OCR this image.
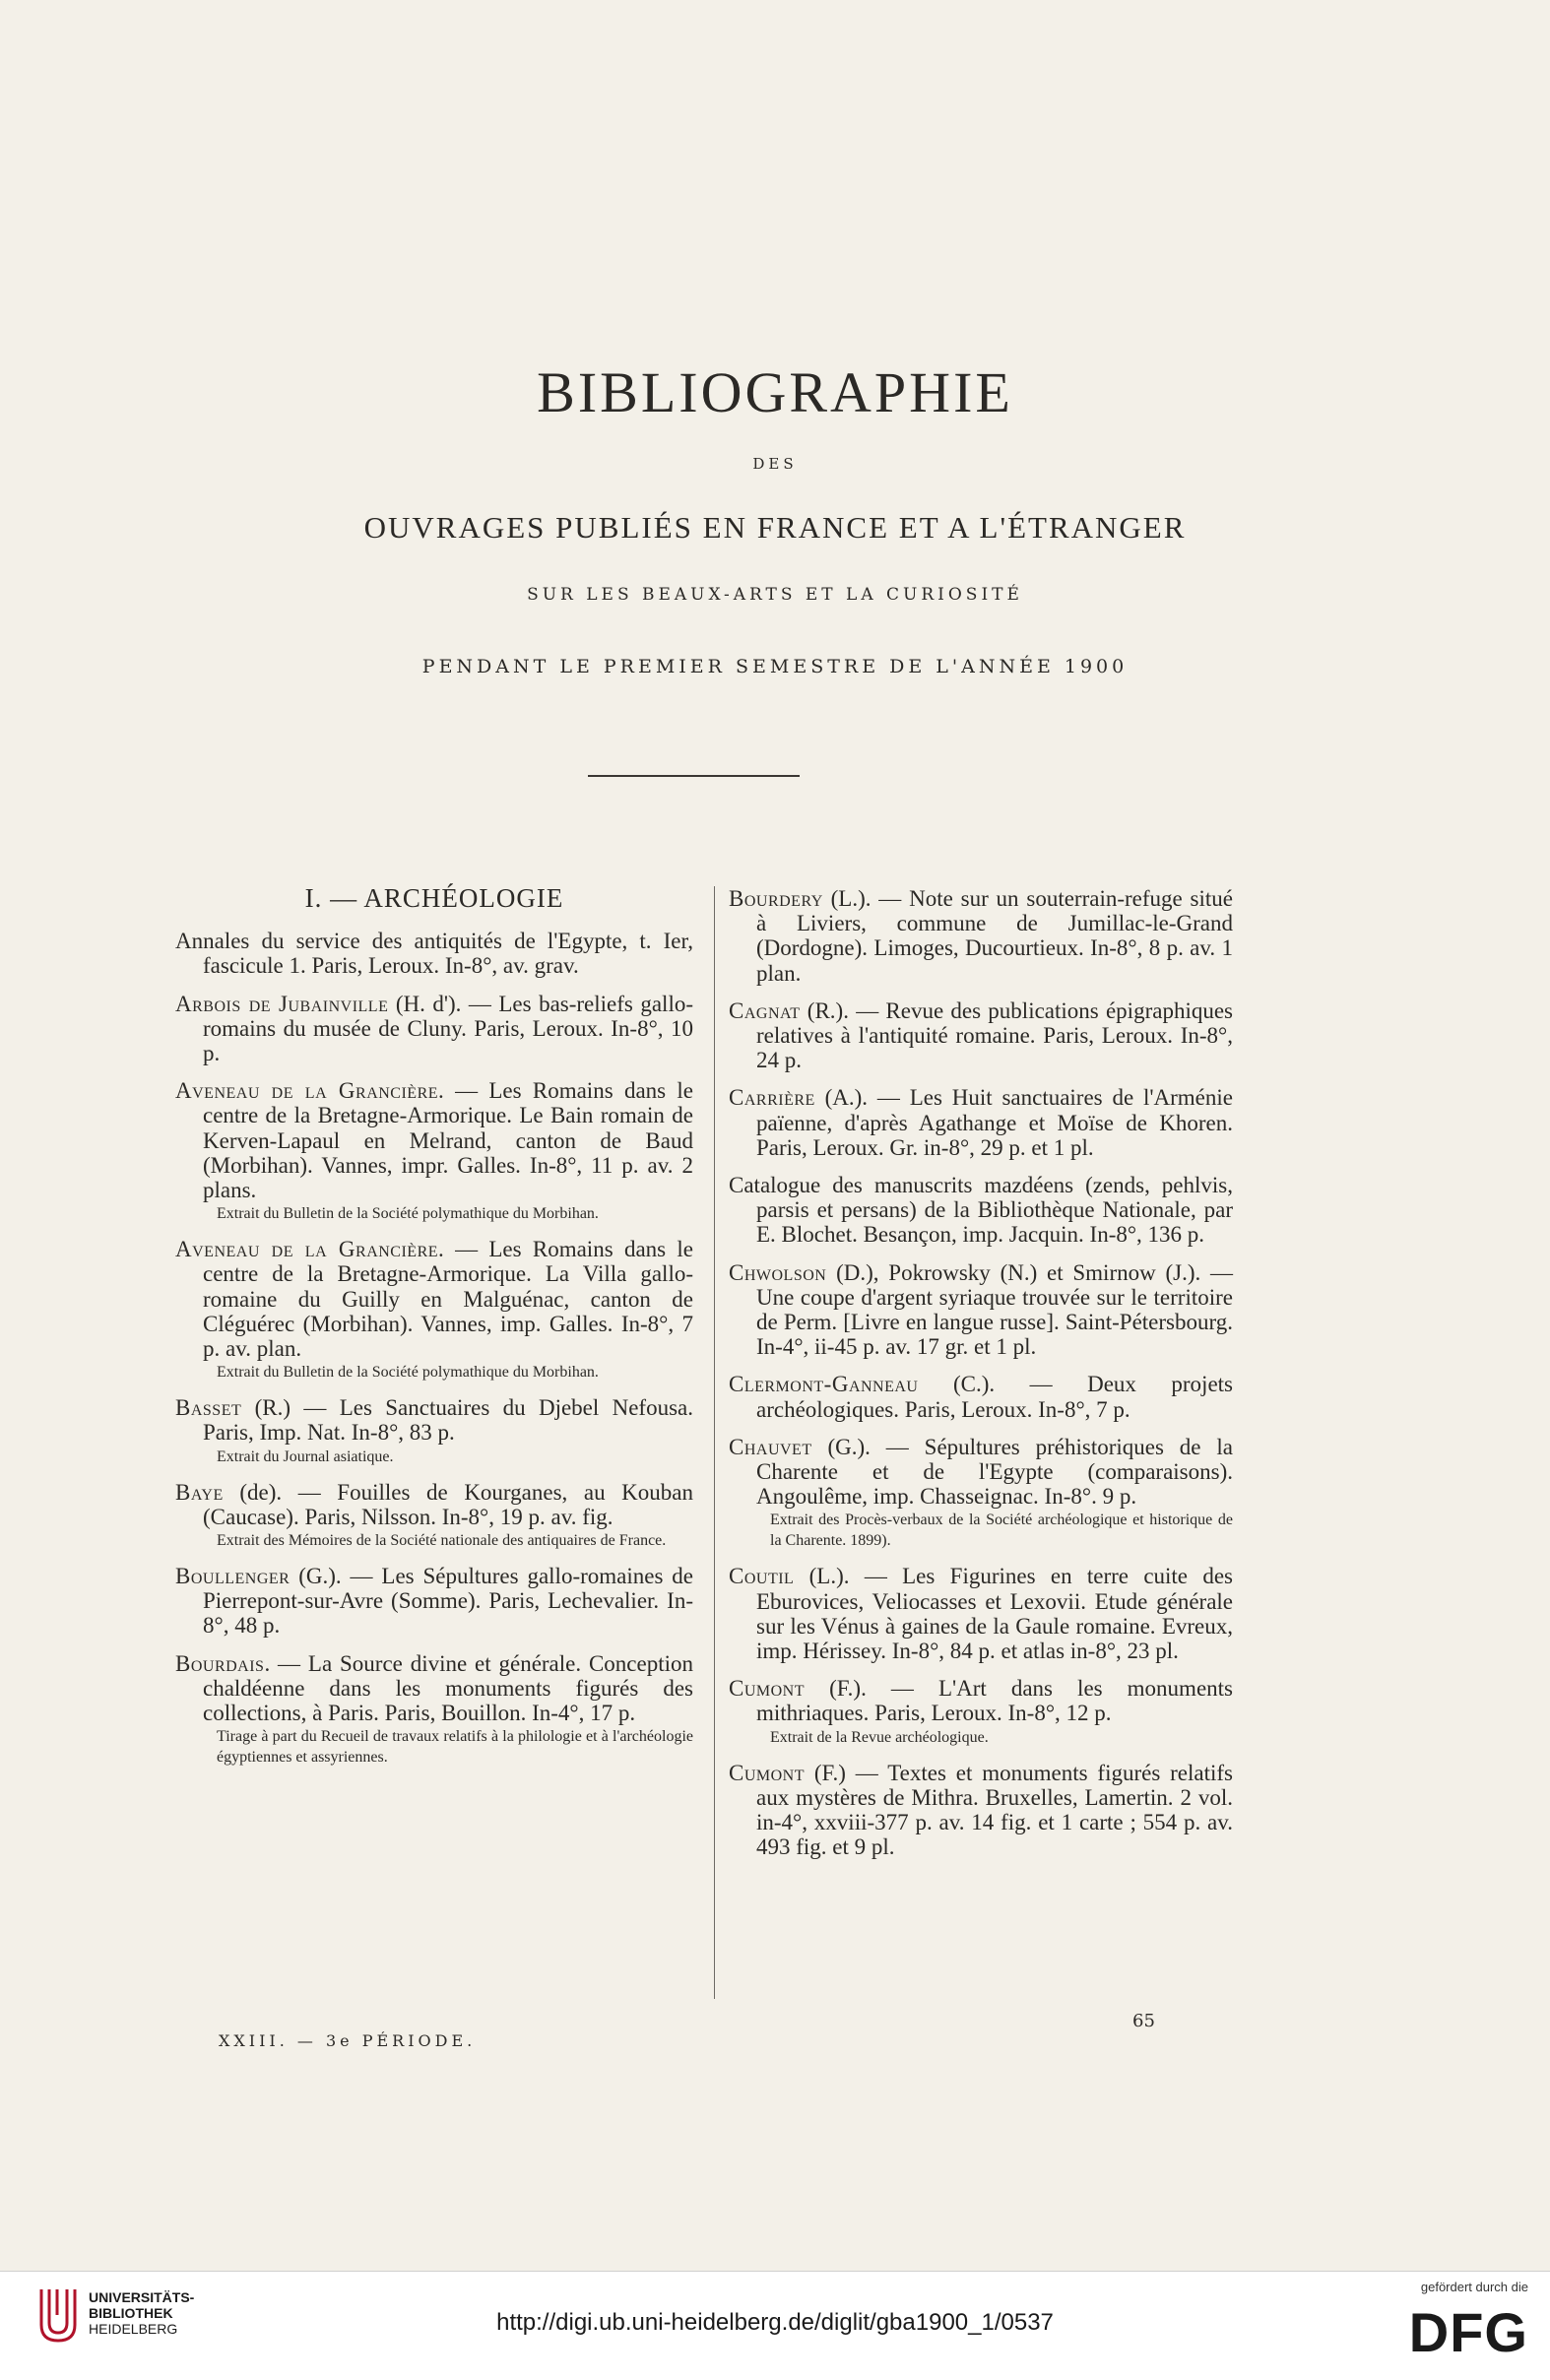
BIBLIOGRAPHIE
DES
OUVRAGES PUBLIÉS EN FRANCE ET A L'ÉTRANGER
SUR LES BEAUX-ARTS ET LA CURIOSITÉ
PENDANT LE PREMIER SEMESTRE DE L'ANNÉE 1900
I. — ARCHÉOLOGIE
Annales du service des antiquités de l'Egypte, t. Ier, fascicule 1. Paris, Leroux. In-8°, av. grav.
Arbois de Jubainville (H. d'). — Les bas-reliefs gallo-romains du musée de Cluny. Paris, Leroux. In-8°, 10 p.
Aveneau de la Grancière. — Les Romains dans le centre de la Bretagne-Armorique. Le Bain romain de Kerven-Lapaul en Melrand, canton de Baud (Morbihan). Vannes, impr. Galles. In-8°, 11 p. av. 2 plans.
Extrait du Bulletin de la Société polymathique du Morbihan.
Aveneau de la Grancière. — Les Romains dans le centre de la Bretagne-Armorique. La Villa gallo-romaine du Guilly en Malguénac, canton de Cléguérec (Morbihan). Vannes, imp. Galles. In-8°, 7 p. av. plan.
Extrait du Bulletin de la Société polymathique du Morbihan.
Basset (R.) — Les Sanctuaires du Djebel Nefousa. Paris, Imp. Nat. In-8°, 83 p.
Extrait du Journal asiatique.
Baye (de). — Fouilles de Kourganes, au Kouban (Caucase). Paris, Nilsson. In-8°, 19 p. av. fig.
Extrait des Mémoires de la Société nationale des antiquaires de France.
Boullenger (G.). — Les Sépultures gallo-romaines de Pierrepont-sur-Avre (Somme). Paris, Lechevalier. In-8°, 48 p.
Bourdais. — La Source divine et générale. Conception chaldéenne dans les monuments figurés des collections, à Paris. Paris, Bouillon. In-4°, 17 p.
Tirage à part du Recueil de travaux relatifs à la philologie et à l'archéologie égyptiennes et assyriennes.
Bourdery (L.). — Note sur un souterrain-refuge situé à Liviers, commune de Jumillac-le-Grand (Dordogne). Limoges, Ducourtieux. In-8°, 8 p. av. 1 plan.
Cagnat (R.). — Revue des publications épigraphiques relatives à l'antiquité romaine. Paris, Leroux. In-8°, 24 p.
Carrière (A.). — Les Huit sanctuaires de l'Arménie païenne, d'après Agathange et Moïse de Khoren. Paris, Leroux. Gr. in-8°, 29 p. et 1 pl.
Catalogue des manuscrits mazdéens (zends, pehlvis, parsis et persans) de la Bibliothèque Nationale, par E. Blochet. Besançon, imp. Jacquin. In-8°, 136 p.
Chwolson (D.), Pokrowsky (N.) et Smirnow (J.). — Une coupe d'argent syriaque trouvée sur le territoire de Perm. [Livre en langue russe]. Saint-Pétersbourg. In-4°, ii-45 p. av. 17 gr. et 1 pl.
Clermont-Ganneau (C.). — Deux projets archéologiques. Paris, Leroux. In-8°, 7 p.
Chauvet (G.). — Sépultures préhistoriques de la Charente et de l'Egypte (comparaisons). Angoulême, imp. Chasseignac. In-8°. 9 p.
Extrait des Procès-verbaux de la Société archéologique et historique de la Charente. 1899).
Coutil (L.). — Les Figurines en terre cuite des Eburovices, Veliocasses et Lexovii. Etude générale sur les Vénus à gaines de la Gaule romaine. Evreux, imp. Hérissey. In-8°, 84 p. et atlas in-8°, 23 pl.
Cumont (F.). — L'Art dans les monuments mithriaques. Paris, Leroux. In-8°, 12 p.
Extrait de la Revue archéologique.
Cumont (F.) — Textes et monuments figurés relatifs aux mystères de Mithra. Bruxelles, Lamertin. 2 vol. in-4°, xxviii-377 p. av. 14 fig. et 1 carte ; 554 p. av. 493 fig. et 9 pl.
XXIII. — 3e PÉRIODE.
65
UNIVERSITÄTS-
BIBLIOTHEK
HEIDELBERG	http://digi.ub.uni-heidelberg.de/diglit/gba1900_1/0537
gefördert durch die
DFG
